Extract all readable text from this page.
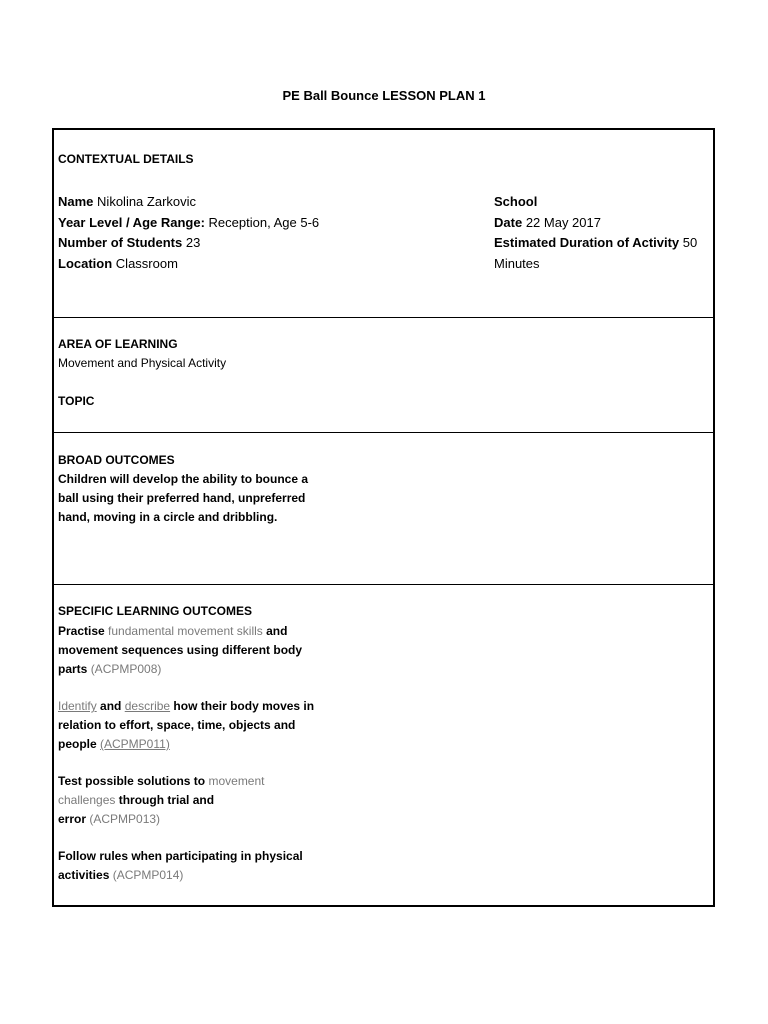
PE Ball Bounce LESSON PLAN 1
CONTEXTUAL DETAILS
Name Nikolina Zarkovic
Year Level / Age Range: Reception, Age 5-6
Number of Students 23
Location Classroom
School
Date 22 May 2017
Estimated Duration of Activity 50
Minutes
AREA OF LEARNING
Movement and Physical Activity
TOPIC
BROAD OUTCOMES
Children will develop the ability to bounce a
ball using their preferred hand, unpreferred
hand, moving in a circle and dribbling.
SPECIFIC LEARNING OUTCOMES
Practise fundamental movement skills and
movement sequences using different body
parts (ACPMP008)
Identify and describe how their body moves in
relation to effort, space, time, objects and
people (ACPMP011)
Test possible solutions to movement
challenges through trial and
error (ACPMP013)
Follow rules when participating in physical
activities (ACPMP014)
